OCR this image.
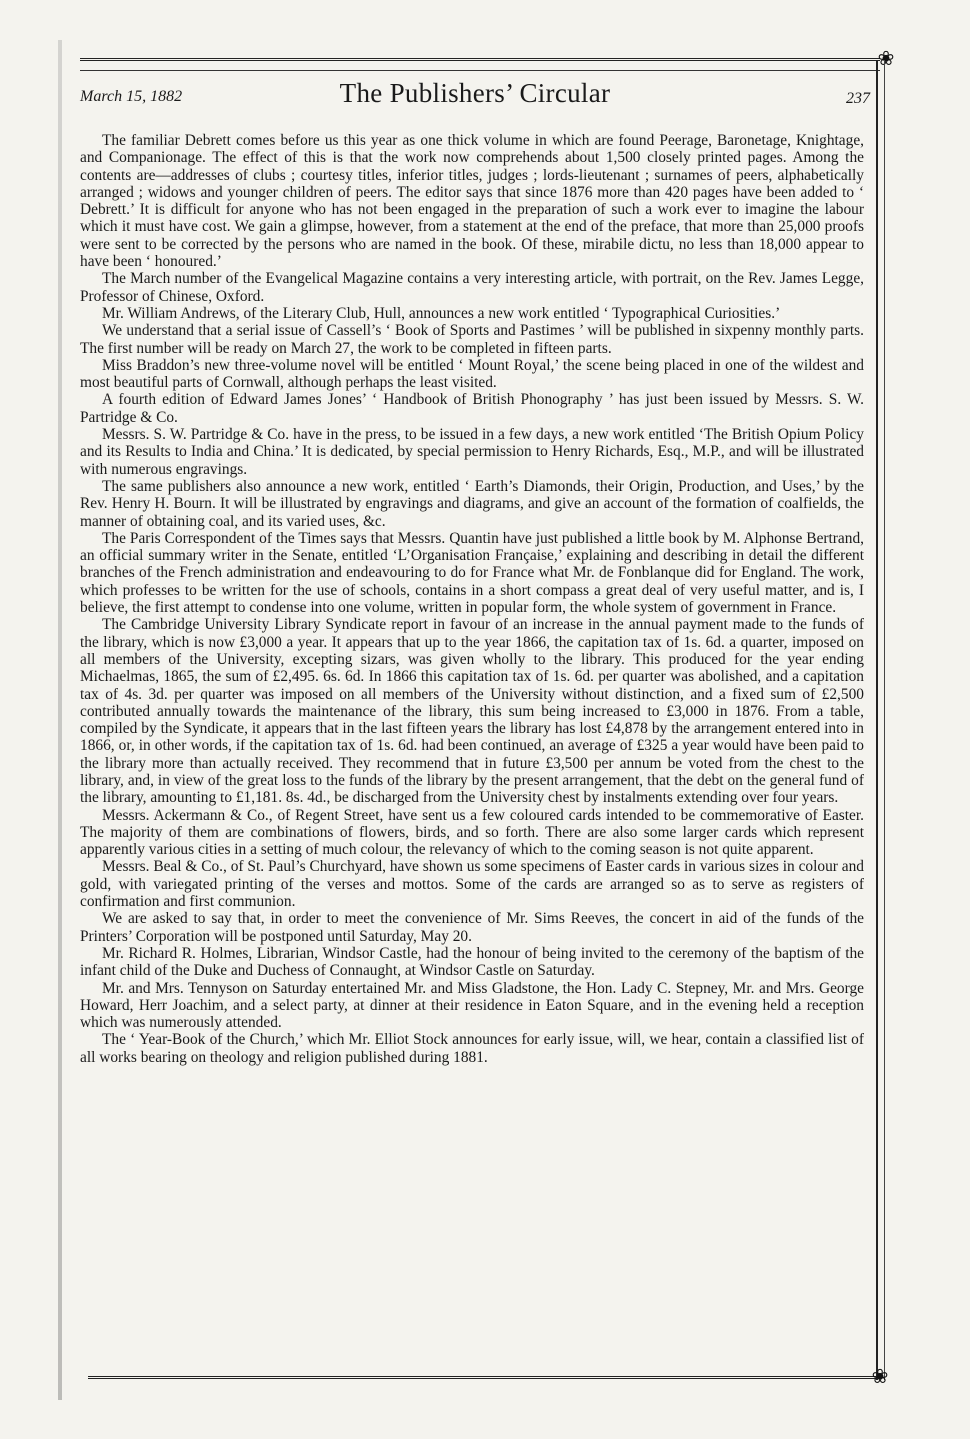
❀
❀
March 15, 1882	The Publishers’ Circular	237

The familiar Debrett comes before us this year as one thick volume in which are found Peerage, Baronetage, Knightage, and Companionage. The effect of this is that the work now comprehends about 1,500 closely printed pages. Among the contents are—addresses of clubs ; courtesy titles, inferior titles, judges ; lords-lieutenant ; surnames of peers, alphabetically arranged ; widows and younger children of peers. The editor says that since 1876 more than 420 pages have been added to ‘ Debrett.’ It is difficult for anyone who has not been engaged in the preparation of such a work ever to imagine the labour which it must have cost. We gain a glimpse, however, from a statement at the end of the preface, that more than 25,000 proofs were sent to be corrected by the persons who are named in the book. Of these, mirabile dictu, no less than 18,000 appear to have been ‘ honoured.’

The March number of the Evangelical Magazine contains a very interesting article, with portrait, on the Rev. James Legge, Professor of Chinese, Oxford.

Mr. William Andrews, of the Literary Club, Hull, announces a new work entitled ‘ Typographical Curiosities.’

We understand that a serial issue of Cassell’s ‘ Book of Sports and Pastimes ’ will be published in sixpenny monthly parts. The first number will be ready on March 27, the work to be completed in fifteen parts.

Miss Braddon’s new three-volume novel will be entitled ‘ Mount Royal,’ the scene being placed in one of the wildest and most beautiful parts of Cornwall, although perhaps the least visited.

A fourth edition of Edward James Jones’ ‘ Handbook of British Phonography ’ has just been issued by Messrs. S. W. Partridge & Co.

Messrs. S. W. Partridge & Co. have in the press, to be issued in a few days, a new work entitled ‘The British Opium Policy and its Results to India and China.’ It is dedicated, by special permission to Henry Richards, Esq., M.P., and will be illustrated with numerous engravings.

The same publishers also announce a new work, entitled ‘ Earth’s Diamonds, their Origin, Production, and Uses,’ by the Rev. Henry H. Bourn. It will be illustrated by engravings and diagrams, and give an account of the formation of coalfields, the manner of obtaining coal, and its varied uses, &c.

The Paris Correspondent of the Times says that Messrs. Quantin have just published a little book by M. Alphonse Bertrand, an official summary writer in the Senate, entitled ‘L’Organisation Française,’ explaining and describing in detail the different branches of the French administration and endeavouring to do for France what Mr. de Fonblanque did for England. The work, which professes to be written for the use of schools, contains in a short compass a great deal of very useful matter, and is, I believe, the first attempt to condense into one volume, written in popular form, the whole system of government in France.

The Cambridge University Library Syndicate report in favour of an increase in the annual payment made to the funds of the library, which is now £3,000 a year. It appears that up to the year 1866, the capitation tax of 1s. 6d. a quarter, imposed on all members of the University, excepting sizars, was given wholly to the library. This produced for the year ending Michaelmas, 1865, the sum of £2,495. 6s. 6d. In 1866 this capitation tax of 1s. 6d. per quarter was abolished, and a capitation tax of 4s. 3d. per quarter was imposed on all members of the University without distinction, and a fixed sum of £2,500 contributed annually towards the maintenance of the library, this sum being increased to £3,000 in 1876. From a table, compiled by the Syndicate, it appears that in the last fifteen years the library has lost £4,878 by the arrangement entered into in 1866, or, in other words, if the capitation tax of 1s. 6d. had been continued, an average of £325 a year would have been paid to the library more than actually received. They recommend that in future £3,500 per annum be voted from the chest to the library, and, in view of the great loss to the funds of the library by the present arrangement, that the debt on the general fund of the library, amounting to £1,181. 8s. 4d., be discharged from the University chest by instalments extending over four years.

Messrs. Ackermann & Co., of Regent Street, have sent us a few coloured cards intended to be commemorative of Easter. The majority of them are combinations of flowers, birds, and so forth. There are also some larger cards which represent apparently various cities in a setting of much colour, the relevancy of which to the coming season is not quite apparent.

Messrs. Beal & Co., of St. Paul’s Churchyard, have shown us some specimens of Easter cards in various sizes in colour and gold, with variegated printing of the verses and mottos. Some of the cards are arranged so as to serve as registers of confirmation and first communion.

We are asked to say that, in order to meet the convenience of Mr. Sims Reeves, the concert in aid of the funds of the Printers’ Corporation will be postponed until Saturday, May 20.

Mr. Richard R. Holmes, Librarian, Windsor Castle, had the honour of being invited to the ceremony of the baptism of the infant child of the Duke and Duchess of Connaught, at Windsor Castle on Saturday.

Mr. and Mrs. Tennyson on Saturday entertained Mr. and Miss Gladstone, the Hon. Lady C. Stepney, Mr. and Mrs. George Howard, Herr Joachim, and a select party, at dinner at their residence in Eaton Square, and in the evening held a reception which was numerously attended.

The ‘ Year-Book of the Church,’ which Mr. Elliot Stock announces for early issue, will, we hear, contain a classified list of all works bearing on theology and religion published during 1881.
